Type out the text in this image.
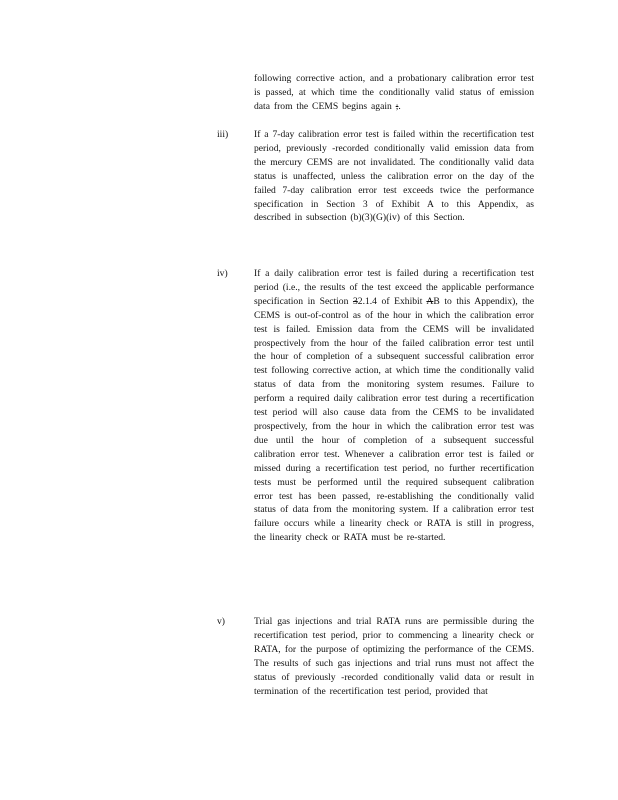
following corrective action, and a probationary calibration error test is passed, at which time the conditionally valid status of emission data from the CEMS begins again ;.

iii)	If a 7-day calibration error test is failed within the recertification test period, previously -recorded conditionally valid emission data from the mercury CEMS are not invalidated. The conditionally valid data status is unaffected, unless the calibration error on the day of the failed 7-day calibration error test exceeds twice the performance specification in Section 3 of Exhibit A to this Appendix, as described in subsection (b)(3)(G)(iv) of this Section.

iv)	If a daily calibration error test is failed during a recertification test period (i.e., the results of the test exceed the applicable performance specification in Section 32.1.4 of Exhibit AB to this Appendix), the CEMS is out-of-control as of the hour in which the calibration error test is failed. Emission data from the CEMS will be invalidated prospectively from the hour of the failed calibration error test until the hour of completion of a subsequent successful calibration error test following corrective action, at which time the conditionally valid status of data from the monitoring system resumes. Failure to perform a required daily calibration error test during a recertification test period will also cause data from the CEMS to be invalidated prospectively, from the hour in which the calibration error test was due until the hour of completion of a subsequent successful calibration error test. Whenever a calibration error test is failed or missed during a recertification test period, no further recertification tests must be performed until the required subsequent calibration error test has been passed, re-establishing the conditionally valid status of data from the monitoring system. If a calibration error test failure occurs while a linearity check or RATA is still in progress, the linearity check or RATA must be re-started.

v)	Trial gas injections and trial RATA runs are permissible during the recertification test period, prior to commencing a linearity check or RATA, for the purpose of optimizing the performance of the CEMS. The results of such gas injections and trial runs must not affect the status of previously -recorded conditionally valid data or result in termination of the recertification test period, provided that
